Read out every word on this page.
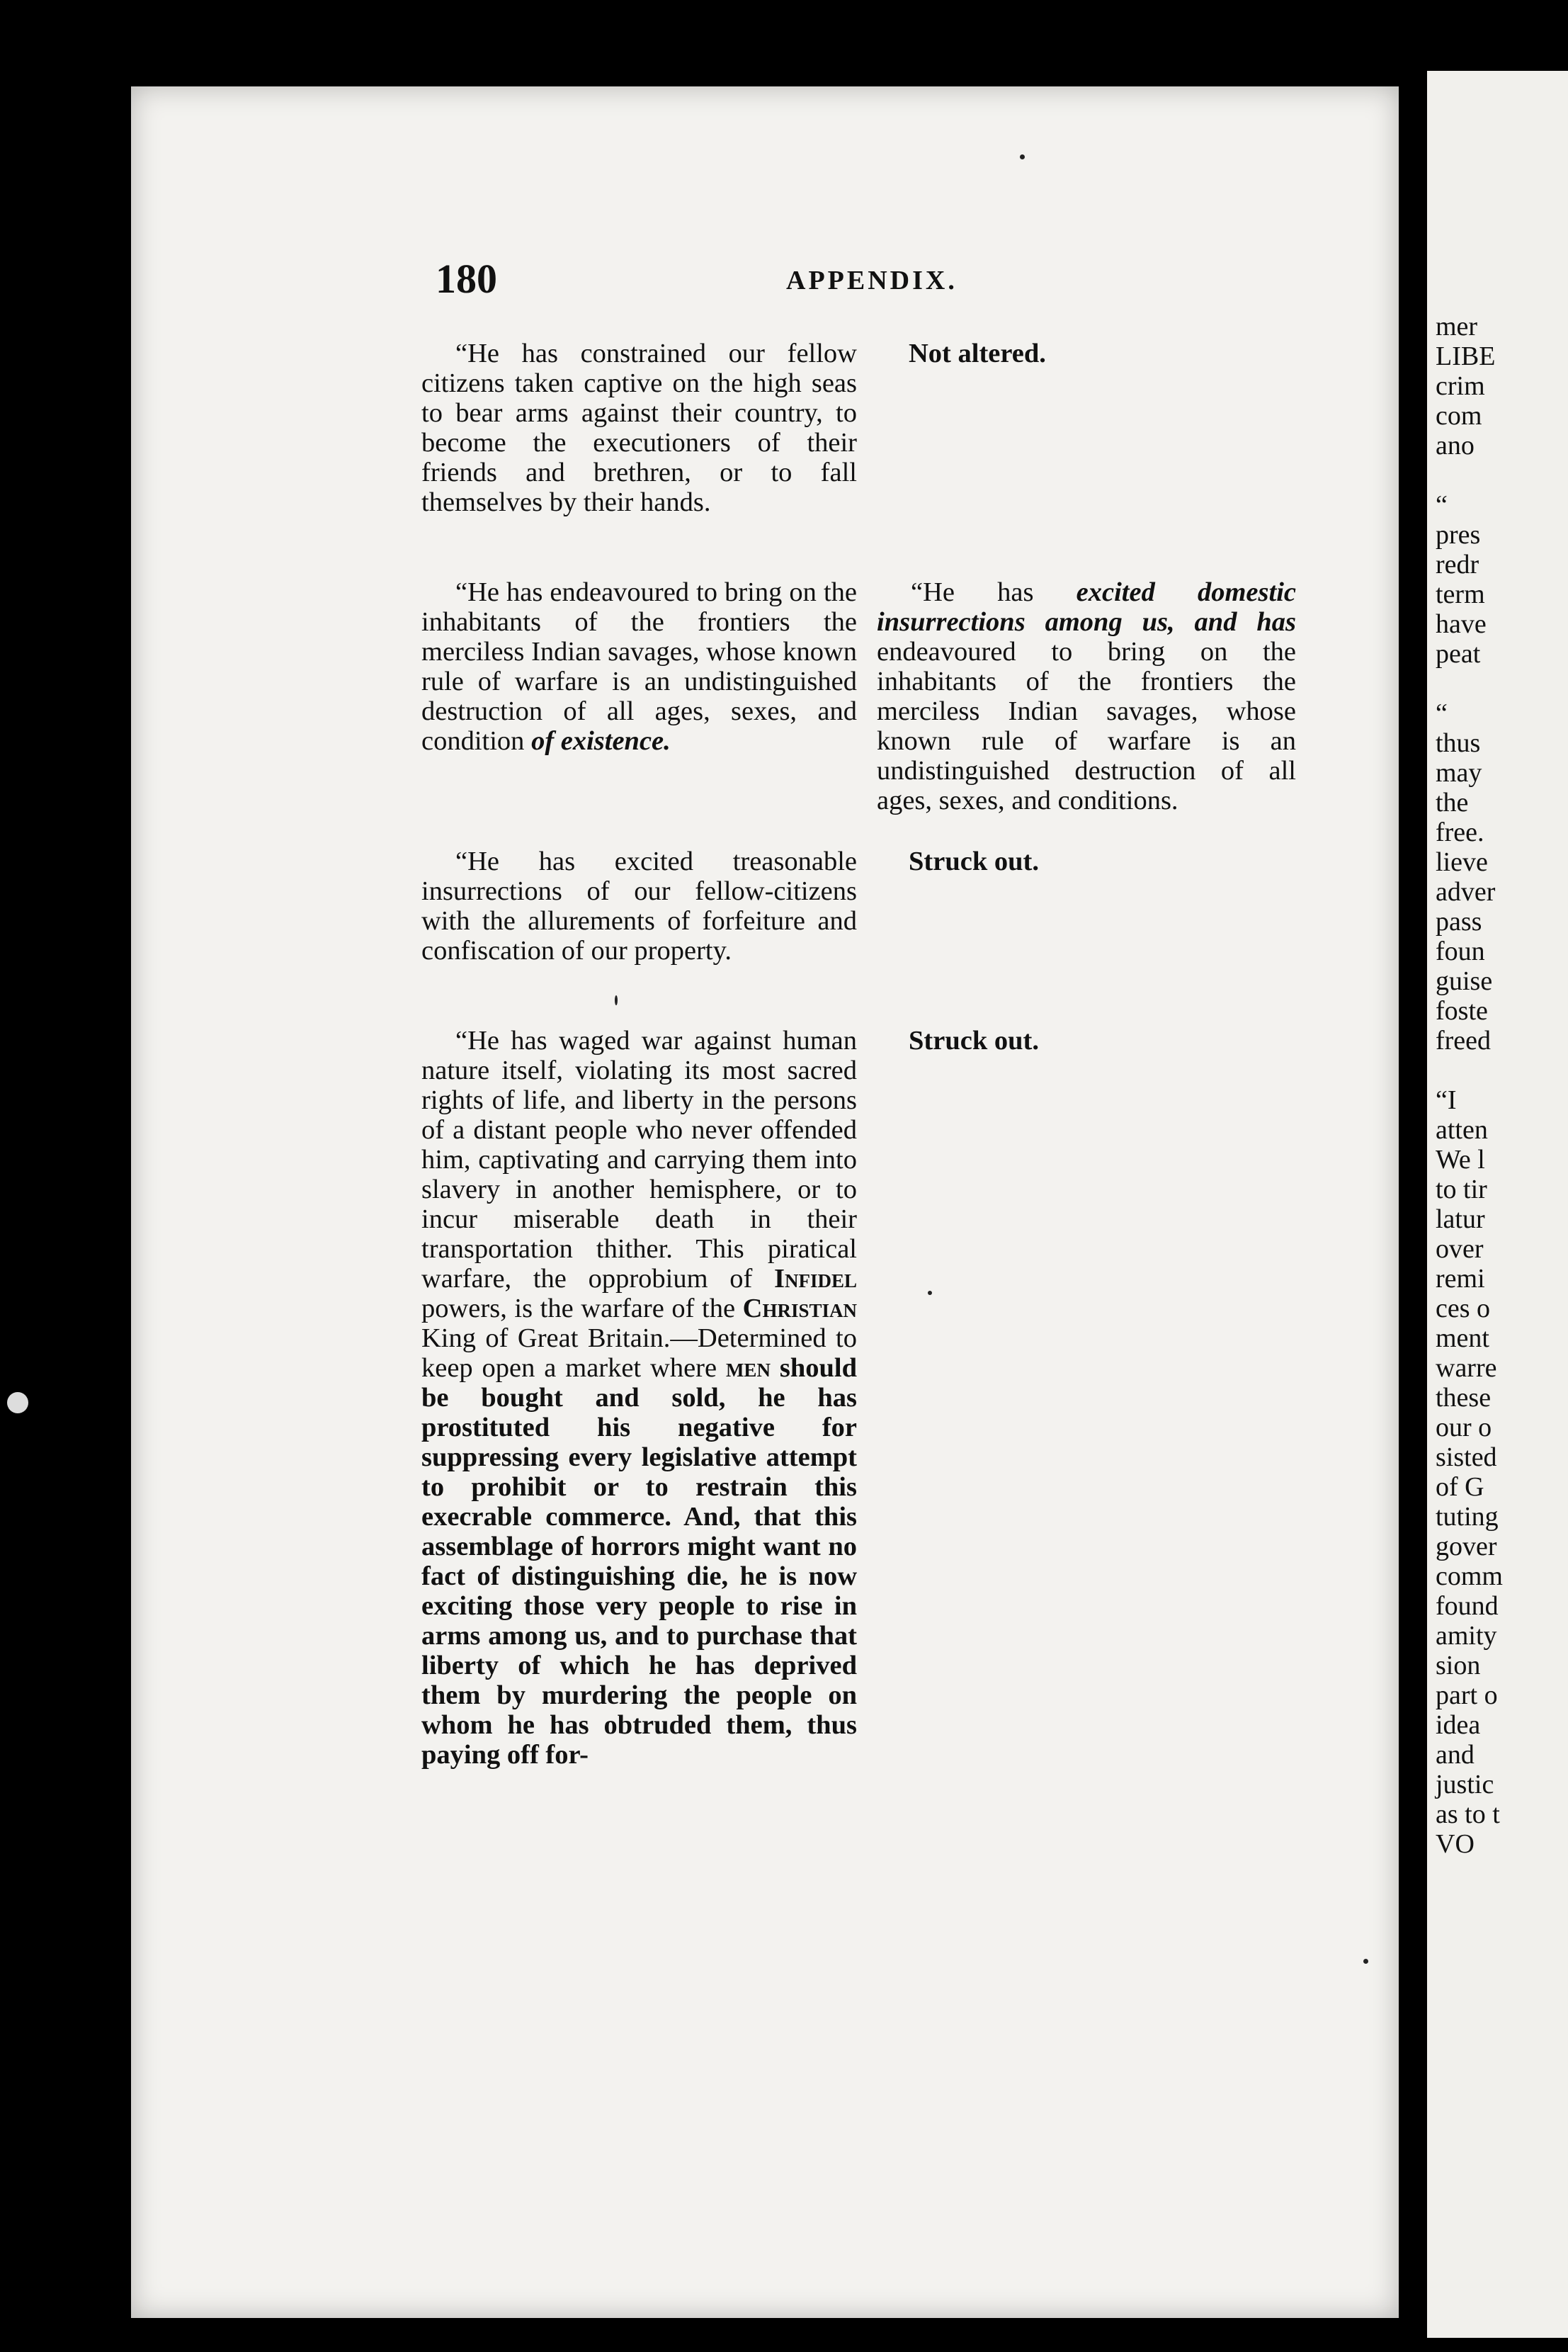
mer
LIBE
crim
com
ano

“
pres
redr
term
have
peat

“
thus
may
the
free.
lieve
adver
pass
foun
guise
foste
freed

“I
atten
We l
to tir
latur
over
remi
ces o
ment
warre
these
our o
sisted
of G
tuting
gover
comm
found
amity
sion
part o
idea
and
justic
as to t
VO
180	APPENDIX.

“He has constrained our fellow citizens taken captive on the high seas to bear arms against their country, to become the executioners of their friends and brethren, or to fall themselves by their hands.

“He has endeavoured to bring on the inhabitants of the frontiers the merciless Indian savages, whose known rule of warfare is an undistinguished destruction of all ages, sexes, and condition of existence.

“He has excited treasonable insurrections of our fellow-citizens with the allurements of forfeiture and confiscation of our property.

“He has waged war against human nature itself, violating its most sacred rights of life, and liberty in the persons of a distant people who never offended him, captivating and carrying them into slavery in another hemisphere, or to incur miserable death in their transportation thither. This piratical warfare, the opprobium of Infidel powers, is the warfare of the Christian King of Great Britain.—Determined to keep open a market where men should be bought and sold, he has prostituted his negative for suppressing every legislative attempt to prohibit or to restrain this execrable commerce. And, that this assemblage of horrors might want no fact of distinguishing die, he is now exciting those very people to rise in arms among us, and to purchase that liberty of which he has deprived them by murdering the people on whom he has obtruded them, thus paying off for-

Not altered.

“He has excited domestic insurrections among us, and has endeavoured to bring on the inhabitants of the frontiers the merciless Indian savages, whose known rule of warfare is an undistinguished destruction of all ages, sexes, and conditions.

Struck out.

Struck out.
